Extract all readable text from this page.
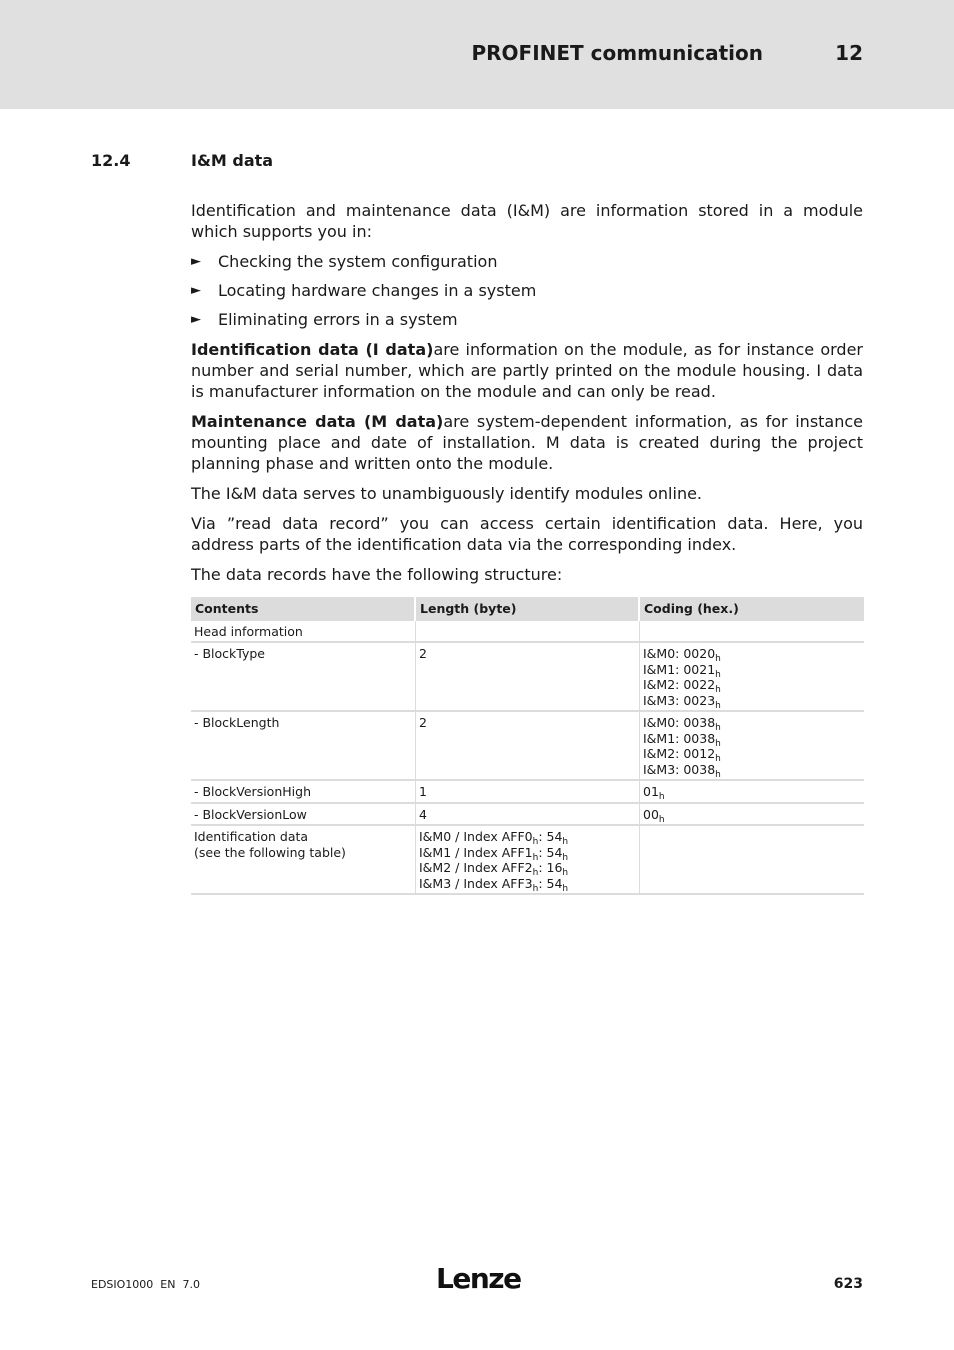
PROFINET communication	12
12.4	I&M data

Identification and maintenance data (I&M) are information stored in a module which supports you in:

► Checking the system configuration
► Locating hardware changes in a system
► Eliminating errors in a system

Identification data (I data)are information on the module, as for instance order number and serial number, which are partly printed on the module housing. I data is manufacturer information on the module and can only be read.

Maintenance data (M data)are system-dependent information, as for instance mounting place and date of installation. M data is created during the project planning phase and written onto the module.

The I&M data serves to unambiguously identify modules online.

Via ”read data record” you can access certain identification data. Here, you address parts of the identification data via the corresponding index.

The data records have the following structure:

Contents	Length (byte)	Coding (hex.)
Head information		
- BlockType	2	I&M0: $0020_h$
I&M1: $0021_h$
I&M2: $0022_h$
I&M3: $0023_h$

- BlockLength	2	I&M0: $0038_h$
I&M1: $0038_h$
I&M2: $0012_h$
I&M3: $0038_h$

- BlockVersionHigh	1	$01_h$
- BlockVersionLow	4	$00_h$

Identification data
(see the following table)	I&M0 / Index $AFF0_h$: $54_h$
I&M1 / Index $AFF1_h$: $54_h$
I&M2 / Index $AFF2_h$: $16_h$
I&M3 / Index $AFF3_h$: $54_h$

EDSIO1000  EN  7.0	Lenze	623
